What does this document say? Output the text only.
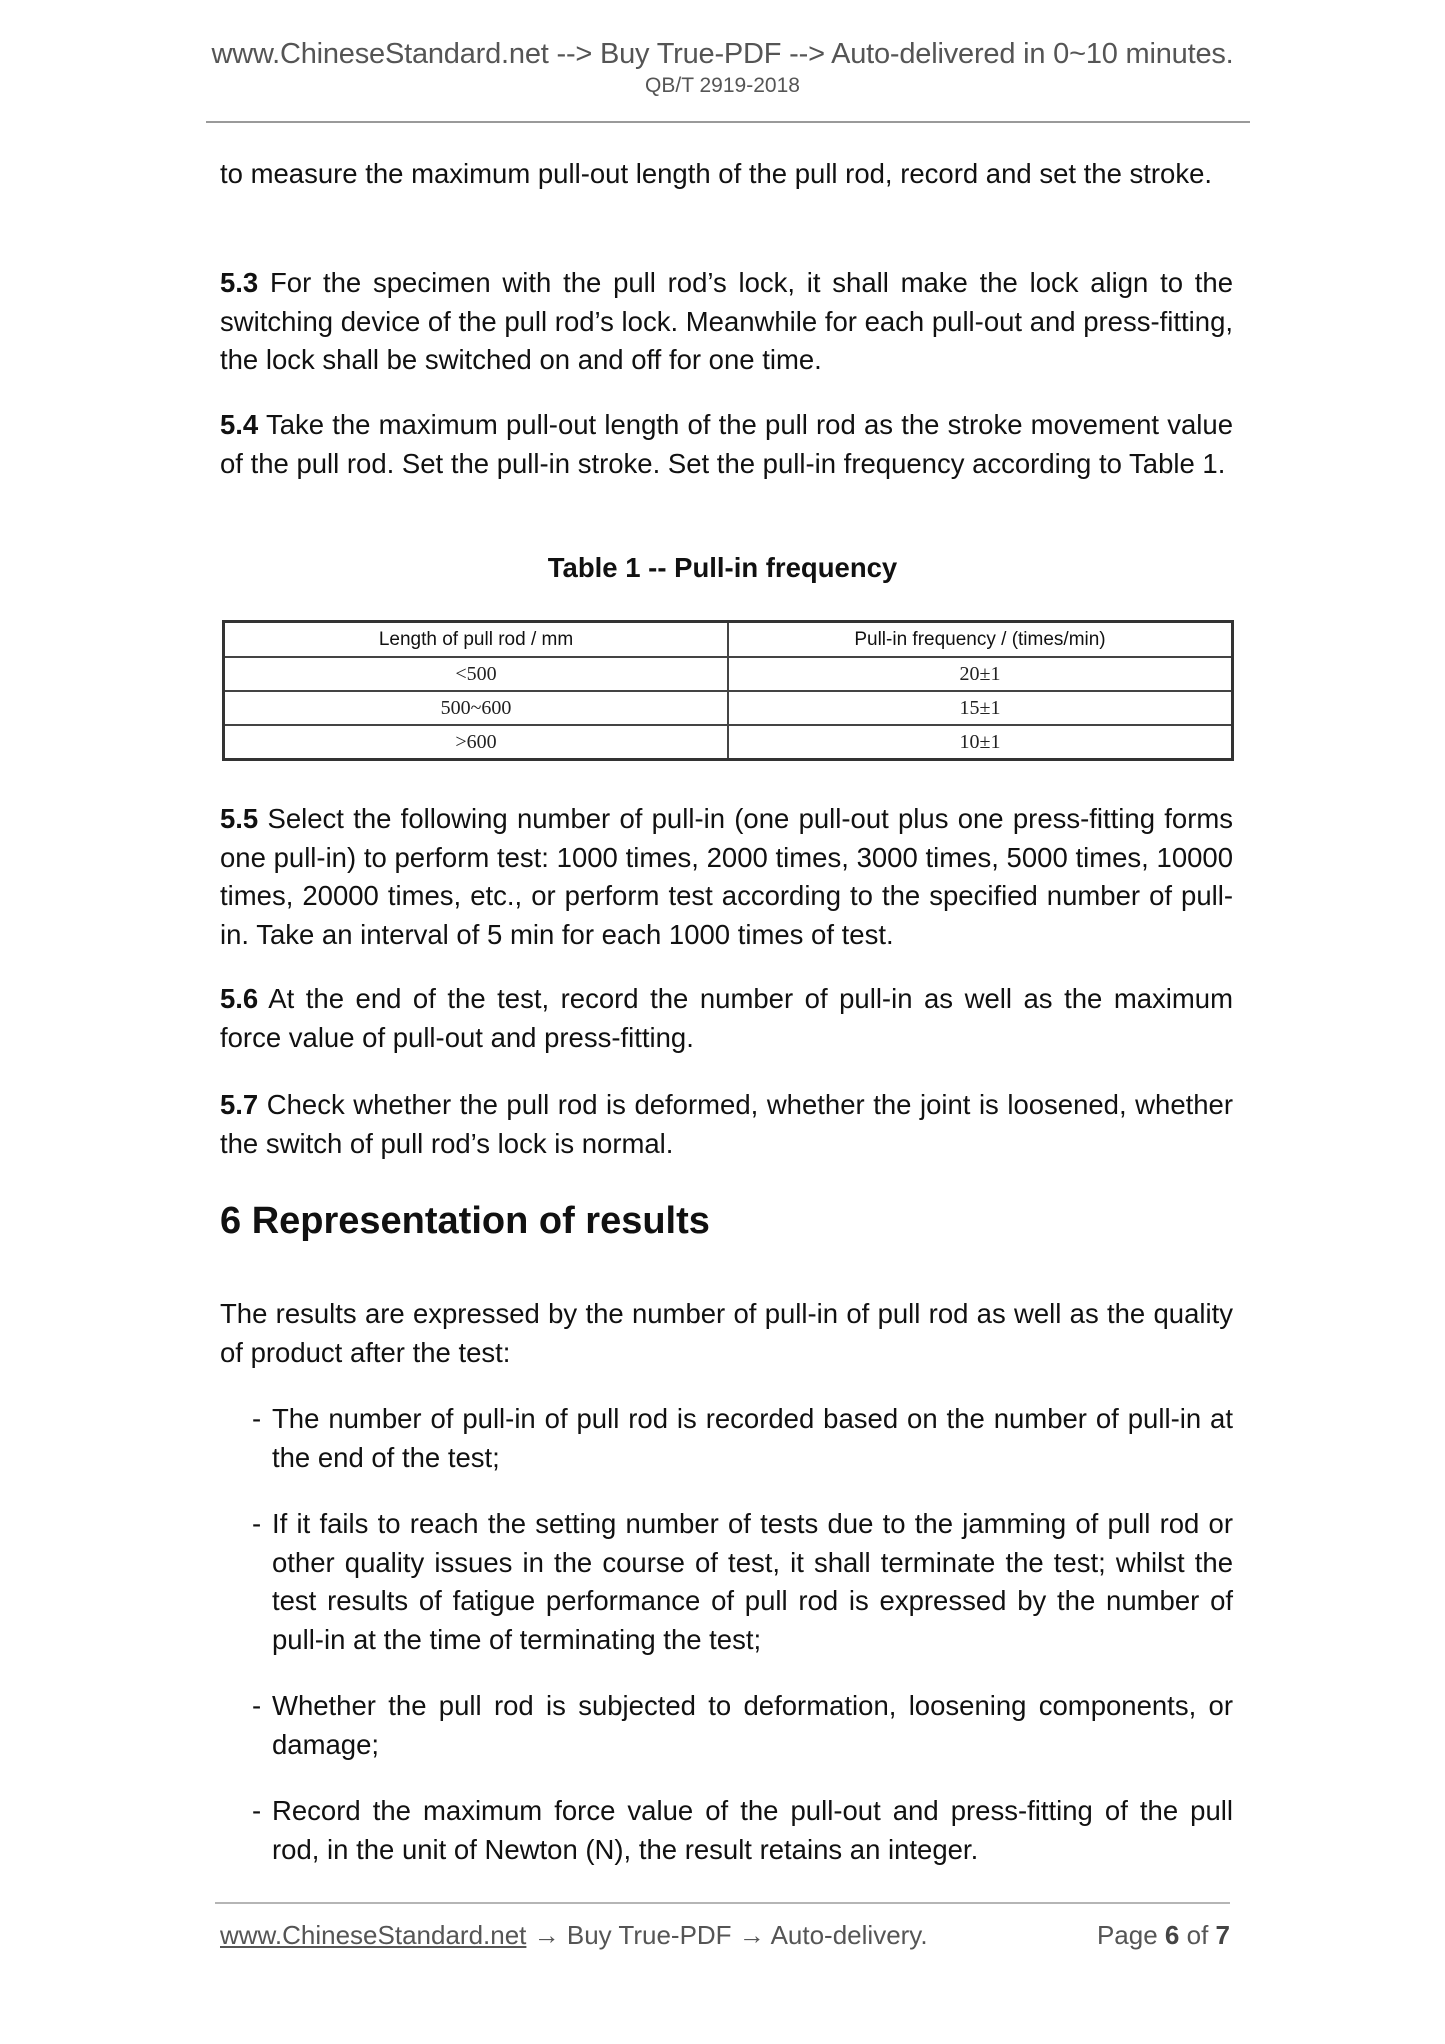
www.ChineseStandard.net --> Buy True-PDF --> Auto-delivered in 0~10 minutes.
QB/T 2919-2018
to measure the maximum pull-out length of the pull rod, record and set the stroke.
5.3 For the specimen with the pull rod’s lock, it shall make the lock align to the switching device of the pull rod’s lock. Meanwhile for each pull-out and press-fitting, the lock shall be switched on and off for one time.
5.4 Take the maximum pull-out length of the pull rod as the stroke movement value of the pull rod. Set the pull-in stroke. Set the pull-in frequency according to Table 1.
Table 1 -- Pull-in frequency
Length of pull rod / mm	Pull-in frequency / (times/min)
<500	20±1
500~600	15±1
>600	10±1
5.5 Select the following number of pull-in (one pull-out plus one press-fitting forms one pull-in) to perform test: 1000 times, 2000 times, 3000 times, 5000 times, 10000 times, 20000 times, etc., or perform test according to the specified number of pull-in. Take an interval of 5 min for each 1000 times of test.
5.6 At the end of the test, record the number of pull-in as well as the maximum force value of pull-out and press-fitting.
5.7 Check whether the pull rod is deformed, whether the joint is loosened, whether the switch of pull rod’s lock is normal.
6 Representation of results
The results are expressed by the number of pull-in of pull rod as well as the quality of product after the test:
- The number of pull-in of pull rod is recorded based on the number of pull-in at the end of the test;
- If it fails to reach the setting number of tests due to the jamming of pull rod or other quality issues in the course of test, it shall terminate the test; whilst the test results of fatigue performance of pull rod is expressed by the number of pull-in at the time of terminating the test;
- Whether the pull rod is subjected to deformation, loosening components, or damage;
- Record the maximum force value of the pull-out and press-fitting of the pull rod, in the unit of Newton (N), the result retains an integer.
www.ChineseStandard.net → Buy True-PDF → Auto-delivery.	Page 6 of 7
